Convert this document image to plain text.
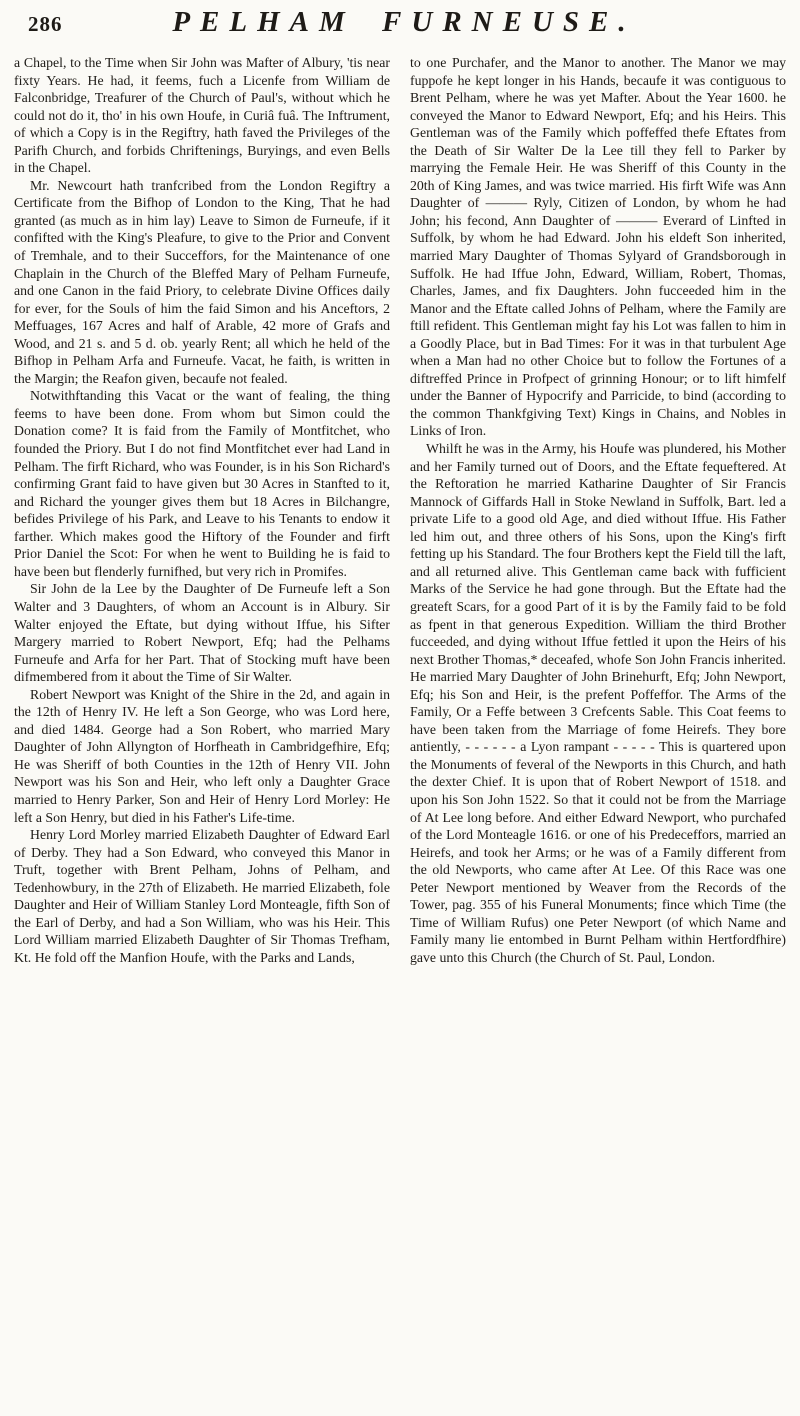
286	PELHAM FURNEUSE.

a Chapel, to the Time when Sir John was Mafter of Albury, 'tis near fixty Years. He had, it feems, fuch a Licenfe from William de Falconbridge, Treafurer of the Church of Paul's, without which he could not do it, tho' in his own Houfe, in Curiâ fuâ. The Inftrument, of which a Copy is in the Regiftry, hath faved the Privileges of the Parifh Church, and forbids Chriftenings, Buryings, and even Bells in the Chapel.

Mr. Newcourt hath tranfcribed from the London Regiftry a Certificate from the Bifhop of London to the King, That he had granted (as much as in him lay) Leave to Simon de Furneufe, if it confifted with the King's Pleafure, to give to the Prior and Convent of Tremhale, and to their Succeffors, for the Maintenance of one Chaplain in the Church of the Bleffed Mary of Pelham Furneufe, and one Canon in the faid Priory, to celebrate Divine Offices daily for ever, for the Souls of him the faid Simon and his Anceftors, 2 Meffuages, 167 Acres and half of Arable, 42 more of Grafs and Wood, and 21 s. and 5 d. ob. yearly Rent; all which he held of the Bifhop in Pelham Arfa and Furneufe. Vacat, he faith, is written in the Margin; the Reafon given, becaufe not fealed.

Notwithftanding this Vacat or the want of fealing, the thing feems to have been done. From whom but Simon could the Donation come? It is faid from the Family of Montfitchet, who founded the Priory. But I do not find Montfitchet ever had Land in Pelham. The firft Richard, who was Founder, is in his Son Richard's confirming Grant faid to have given but 30 Acres in Stanfted to it, and Richard the younger gives them but 18 Acres in Bilchangre, befides Privilege of his Park, and Leave to his Tenants to endow it farther. Which makes good the Hiftory of the Founder and firft Prior Daniel the Scot: For when he went to Building he is faid to have been but flenderly furnifhed, but very rich in Promifes.

Sir John de la Lee by the Daughter of De Furneufe left a Son Walter and 3 Daughters, of whom an Account is in Albury. Sir Walter enjoyed the Eftate, but dying without Iffue, his Sifter Margery married to Robert Newport, Efq; had the Pelhams Furneufe and Arfa for her Part. That of Stocking muft have been difmembered from it about the Time of Sir Walter.

Robert Newport was Knight of the Shire in the 2d, and again in the 12th of Henry IV. He left a Son George, who was Lord here, and died 1484. George had a Son Robert, who married Mary Daughter of John Allyngton of Horfheath in Cambridgefhire, Efq; He was Sheriff of both Counties in the 12th of Henry VII. John Newport was his Son and Heir, who left only a Daughter Grace married to Henry Parker, Son and Heir of Henry Lord Morley: He left a Son Henry, but died in his Father's Life-time.

Henry Lord Morley married Elizabeth Daughter of Edward Earl of Derby. They had a Son Edward, who conveyed this Manor in Truft, together with Brent Pelham, Johns of Pelham, and Tedenhowbury, in the 27th of Elizabeth. He married Elizabeth, fole Daughter and Heir of William Stanley Lord Monteagle, fifth Son of the Earl of Derby, and had a Son William, who was his Heir. This Lord William married Elizabeth Daughter of Sir Thomas Trefham, Kt. He fold off the Manfion Houfe, with the Parks and Lands,

to one Purchafer, and the Manor to another. The Manor we may fuppofe he kept longer in his Hands, becaufe it was contiguous to Brent Pelham, where he was yet Mafter. About the Year 1600. he conveyed the Manor to Edward Newport, Efq; and his Heirs. This Gentleman was of the Family which poffeffed thefe Eftates from the Death of Sir Walter De la Lee till they fell to Parker by marrying the Female Heir. He was Sheriff of this County in the 20th of King James, and was twice married. His firft Wife was Ann Daughter of ——— Ryly, Citizen of London, by whom he had John; his fecond, Ann Daughter of ——— Everard of Linfted in Suffolk, by whom he had Edward. John his eldeft Son inherited, married Mary Daughter of Thomas Sylyard of Grandsborough in Suffolk. He had Iffue John, Edward, William, Robert, Thomas, Charles, James, and fix Daughters. John fucceeded him in the Manor and the Eftate called Johns of Pelham, where the Family are ftill refident. This Gentleman might fay his Lot was fallen to him in a Goodly Place, but in Bad Times: For it was in that turbulent Age when a Man had no other Choice but to follow the Fortunes of a diftreffed Prince in Profpect of grinning Honour; or to lift himfelf under the Banner of Hypocrify and Parricide, to bind (according to the common Thankfgiving Text) Kings in Chains, and Nobles in Links of Iron.

Whilft he was in the Army, his Houfe was plundered, his Mother and her Family turned out of Doors, and the Eftate fequeftered. At the Reftoration he married Katharine Daughter of Sir Francis Mannock of Giffards Hall in Stoke Newland in Suffolk, Bart. led a private Life to a good old Age, and died without Iffue. His Father led him out, and three others of his Sons, upon the King's firft fetting up his Standard. The four Brothers kept the Field till the laft, and all returned alive. This Gentleman came back with fufficient Marks of the Service he had gone through. But the Eftate had the greateft Scars, for a good Part of it is by the Family faid to be fold as fpent in that generous Expedition. William the third Brother fucceeded, and dying without Iffue fettled it upon the Heirs of his next Brother Thomas,* deceafed, whofe Son John Francis inherited. He married Mary Daughter of John Brinehurft, Efq; John Newport, Efq; his Son and Heir, is the prefent Poffeffor. The Arms of the Family, Or a Feffe between 3 Crefcents Sable. This Coat feems to have been taken from the Marriage of fome Heirefs. They bore antiently, - - - - - - a Lyon rampant - - - - - This is quartered upon the Monuments of feveral of the Newports in this Church, and hath the dexter Chief. It is upon that of Robert Newport of 1518. and upon his Son John 1522. So that it could not be from the Marriage of At Lee long before. And either Edward Newport, who purchafed of the Lord Monteagle 1616. or one of his Predeceffors, married an Heirefs, and took her Arms; or he was of a Family different from the old Newports, who came after At Lee. Of this Race was one Peter Newport mentioned by Weaver from the Records of the Tower, pag. 355 of his Funeral Monuments; fince which Time (the Time of William Rufus) one Peter Newport (of which Name and Family many lie entombed in Burnt Pelham within Hertfordfhire) gave unto this Church (the Church of St. Paul, London.
